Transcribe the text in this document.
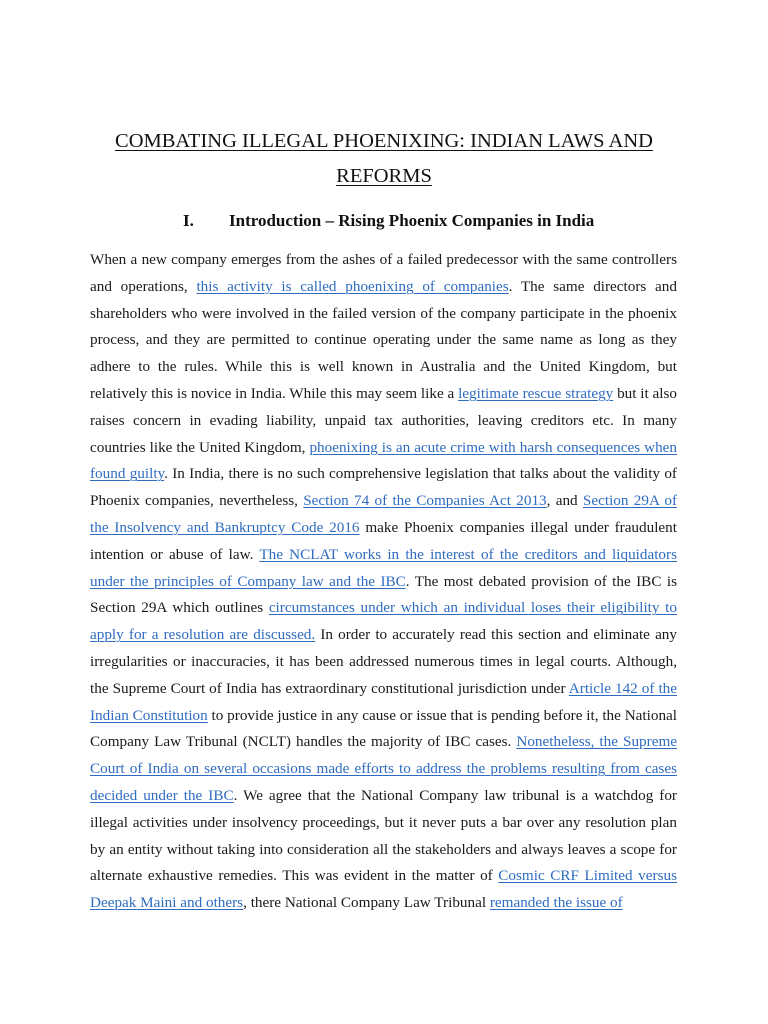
COMBATING ILLEGAL PHOENIXING: INDIAN LAWS AND
REFORMS
I. Introduction – Rising Phoenix Companies in India

When a new company emerges from the ashes of a failed predecessor with the same controllers and operations, this activity is called phoenixing of companies. The same directors and shareholders who were involved in the failed version of the company participate in the phoenix process, and they are permitted to continue operating under the same name as long as they adhere to the rules. While this is well known in Australia and the United Kingdom, but relatively this is novice in India. While this may seem like a legitimate rescue strategy but it also raises concern in evading liability, unpaid tax authorities, leaving creditors etc. In many countries like the United Kingdom, phoenixing is an acute crime with harsh consequences when found guilty. In India, there is no such comprehensive legislation that talks about the validity of Phoenix companies, nevertheless, Section 74 of the Companies Act 2013, and Section 29A of the Insolvency and Bankruptcy Code 2016 make Phoenix companies illegal under fraudulent intention or abuse of law. The NCLAT works in the interest of the creditors and liquidators under the principles of Company law and the IBC. The most debated provision of the IBC is Section 29A which outlines circumstances under which an individual loses their eligibility to apply for a resolution are discussed. In order to accurately read this section and eliminate any irregularities or inaccuracies, it has been addressed numerous times in legal courts. Although, the Supreme Court of India has extraordinary constitutional jurisdiction under Article 142 of the Indian Constitution to provide justice in any cause or issue that is pending before it, the National Company Law Tribunal (NCLT) handles the majority of IBC cases. Nonetheless, the Supreme Court of India on several occasions made efforts to address the problems resulting from cases decided under the IBC. We agree that the National Company law tribunal is a watchdog for illegal activities under insolvency proceedings, but it never puts a bar over any resolution plan by an entity without taking into consideration all the stakeholders and always leaves a scope for alternate exhaustive remedies. This was evident in the matter of Cosmic CRF Limited versus Deepak Maini and others, there National Company Law Tribunal remanded the issue of
